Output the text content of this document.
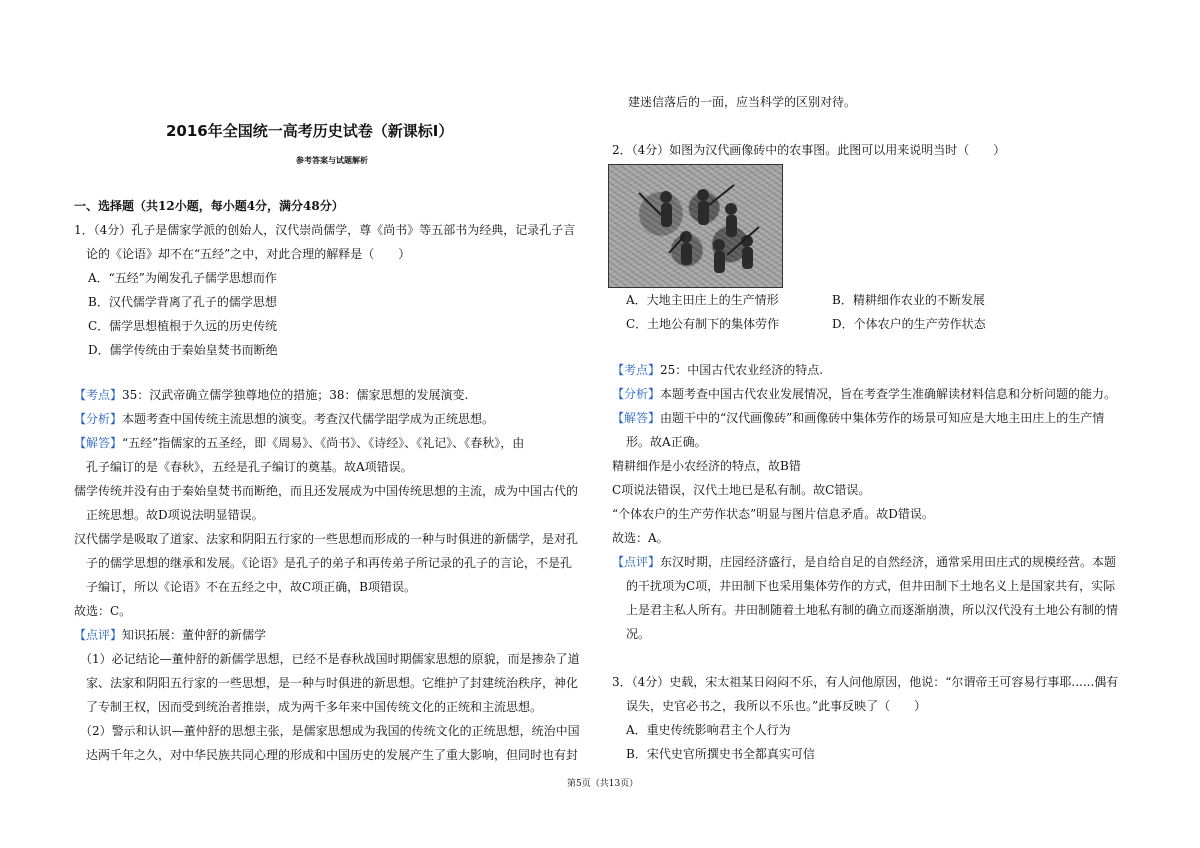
2016年全国统一高考历史试卷（新课标Ⅰ）
参考答案与试题解析
一、选择题（共12小题，每小题4分，满分48分）
1．（4分）孔子是儒家学派的创始人，汉代崇尚儒学，尊《尚书》等五部书为经典，记录孔子言
论的《论语》却不在“五经”之中，对此合理的解释是（　　）
A．“五经”为阐发孔子儒学思想而作
B．汉代儒学背离了孔子的儒学思想
C．儒学思想植根于久远的历史传统
D．儒学传统由于秦始皇焚书而断绝
【考点】35：汉武帝确立儒学独尊地位的措施；38：儒家思想的发展演变.
【分析】本题考查中国传统主流思想的演变。考查汉代儒学㗊学成为正统思想。
【解答】“五经”指儒家的五圣经，即《周易》、《尚书》、《诗经》、《礼记》、《春秋》，由
孔子编订的是《春秋》，五经是孔子编订的奠基。故A项错误。
儒学传统并没有由于秦始皇焚书而断绝，而且还发展成为中国传统思想的主流，成为中国古代的
正统思想。故D项说法明显错误。
汉代儒学是吸取了道家、法家和阴阳五行家的一些思想而形成的一种与时俱进的新儒学，是对孔
子的儒学思想的继承和发展。《论语》是孔子的弟子和再传弟子所记录的孔子的言论，不是孔
子编订，所以《论语》不在五经之中，故C项正确，B项错误。
故选：C。
【点评】知识拓展：董仲舒的新儒学
（1）必记结论—董仲舒的新儒学思想，已经不是春秋战国时期儒家思想的原貌，而是掺杂了道
家、法家和阴阳五行家的一些思想，是一种与时俱进的新思想。它维护了封建统治秩序，神化
了专制王权，因而受到统治者推崇，成为两千多年来中国传统文化的正统和主流思想。
（2）警示和认识—董仲舒的思想主张，是儒家思想成为我国的传统文化的正统思想，统治中国
达两千年之久，对中华民族共同心理的形成和中国历史的发展产生了重大影响，但同时也有封
建迷信落后的一面，应当科学的区别对待。
2．（4分）如图为汉代画像砖中的农事图。此图可以用来说明当时（　　）
A．大地主田庄上的生产情形	B．精耕细作农业的不断发展
C．土地公有制下的集体劳作	D．个体农户的生产劳作状态
【考点】25：中国古代农业经济的特点.
【分析】本题考查中国古代农业发展情况，旨在考查学生准确解读材料信息和分析问题的能力。
【解答】由题干中的“汉代画像砖”和画像砖中集体劳作的场景可知应是大地主田庄上的生产情
形。故A正确。
精耕细作是小农经济的特点，故B错
C项说法错误，汉代土地已是私有制。故C错误。
“个体农户的生产劳作状态”明显与图片信息矛盾。故D错误。
故选：A。
【点评】东汉时期，庄园经济盛行，是自给自足的自然经济，通常采用田庄式的规模经营。本题
的干扰项为C项，井田制下也采用集体劳作的方式，但井田制下土地名义上是国家共有，实际
上是君主私人所有。井田制随着土地私有制的确立而逐渐崩溃，所以汉代没有土地公有制的情
况。
3．（4分）史载，宋太祖某日闷闷不乐，有人问他原因，他说：“尔谓帝王可容易行事耶......偶有
误失，史官必书之，我所以不乐也。”此事反映了（　　）
A．重史传统影响君主个人行为
B．宋代史官所撰史书全都真实可信
第5页（共13页）
